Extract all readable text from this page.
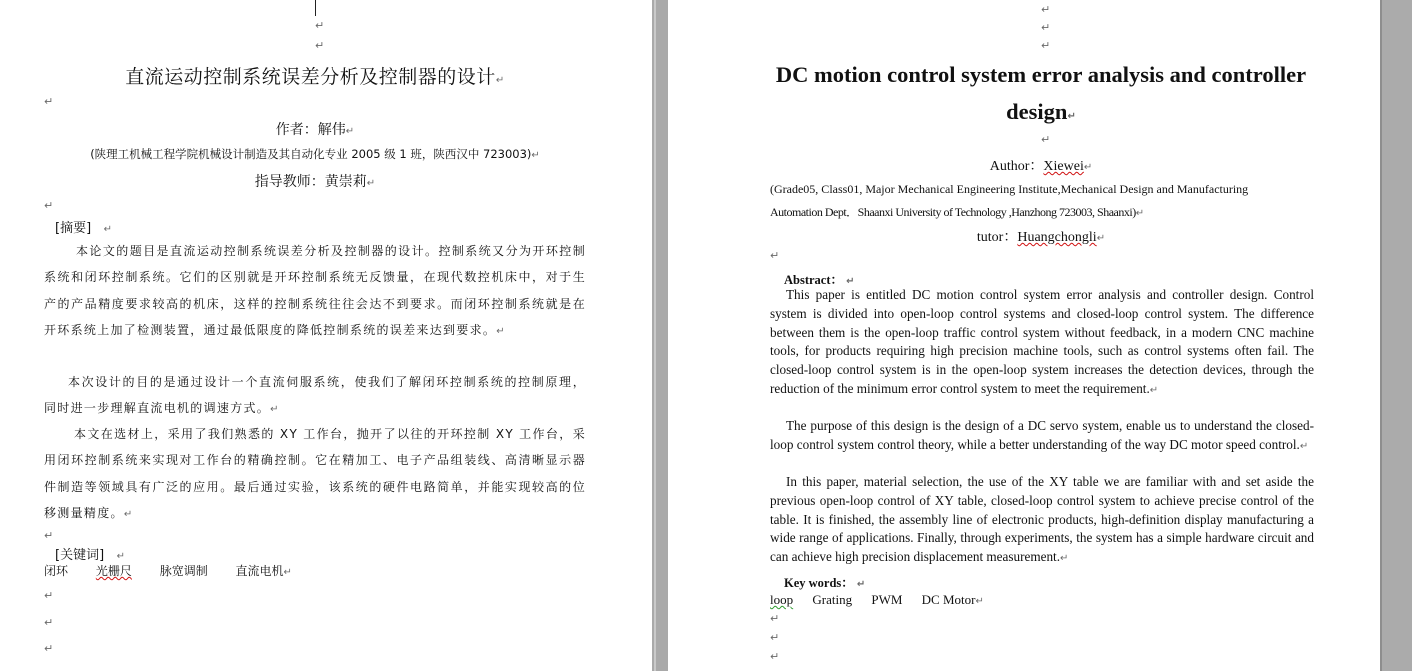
↵
↵
直流运动控制系统误差分析及控制器的设计↵
↵
作者：解伟↵
(陕理工机械工程学院机械设计制造及其自动化专业 2005 级 1 班，陕西汉中 723003)↵
指导教师：黄崇莉↵
↵
[摘要] ↵

本论文的题目是直流运动控制系统误差分析及控制器的设计。控制系统又分为开环控制系统和闭环控制系统。它们的区别就是开环控制系统无反馈量，在现代数控机床中，对于生产的产品精度要求较高的机床，这样的控制系统往往会达不到要求。而闭环控制系统就是在开环系统上加了检测装置，通过最低限度的降低控制系统的误差来达到要求。↵

本次设计的目的是通过设计一个直流伺服系统，使我们了解闭环控制系统的控制原理，同时进一步理解直流电机的调速方式。↵

本文在选材上，采用了我们熟悉的 XY 工作台，抛开了以往的开环控制 XY 工作台，采用闭环控制系统来实现对工作台的精确控制。它在精加工、电子产品组装线、高清晰显示器件制造等领域具有广泛的应用。最后通过实验，该系统的硬件电路简单，并能实现较高的位移测量精度。↵

↵
[关键词] ↵
闭环 光栅尺 脉宽调制 直流电机↵
↵
↵
↵
↵
↵
↵
DC motion control system error analysis and controller design↵
↵
Author：Xiewei↵
(Grade05, Class01, Major Mechanical Engineering Institute,Mechanical Design and Manufacturing
Automation Dept．Shaanxi University of Technology ,Hanzhong 723003, Shaanxi)↵
tutor：Huangchongli↵
↵
Abstract： ↵

This paper is entitled DC motion control system error analysis and controller design. Control system is divided into open-loop control systems and closed-loop control system. The difference between them is the open-loop traffic control system without feedback, in a modern CNC machine tools, for products requiring high precision machine tools, such as control systems often fail. The closed-loop control system is in the open-loop system increases the detection devices, through the reduction of the minimum error control system to meet the requirement.↵

The purpose of this design is the design of a DC servo system, enable us to understand the closed-loop control system control theory, while a better understanding of the way DC motor speed control.↵

In this paper, material selection, the use of the XY table we are familiar with and set aside the previous open-loop control of XY table, closed-loop control system to achieve precise control of the table. It is finished, the assembly line of electronic products, high-definition display manufacturing a wide range of applications. Finally, through experiments, the system has a simple hardware circuit and can achieve high precision displacement measurement.↵

Key words： ↵
loop Grating PWM DC Motor↵
↵
↵
↵
